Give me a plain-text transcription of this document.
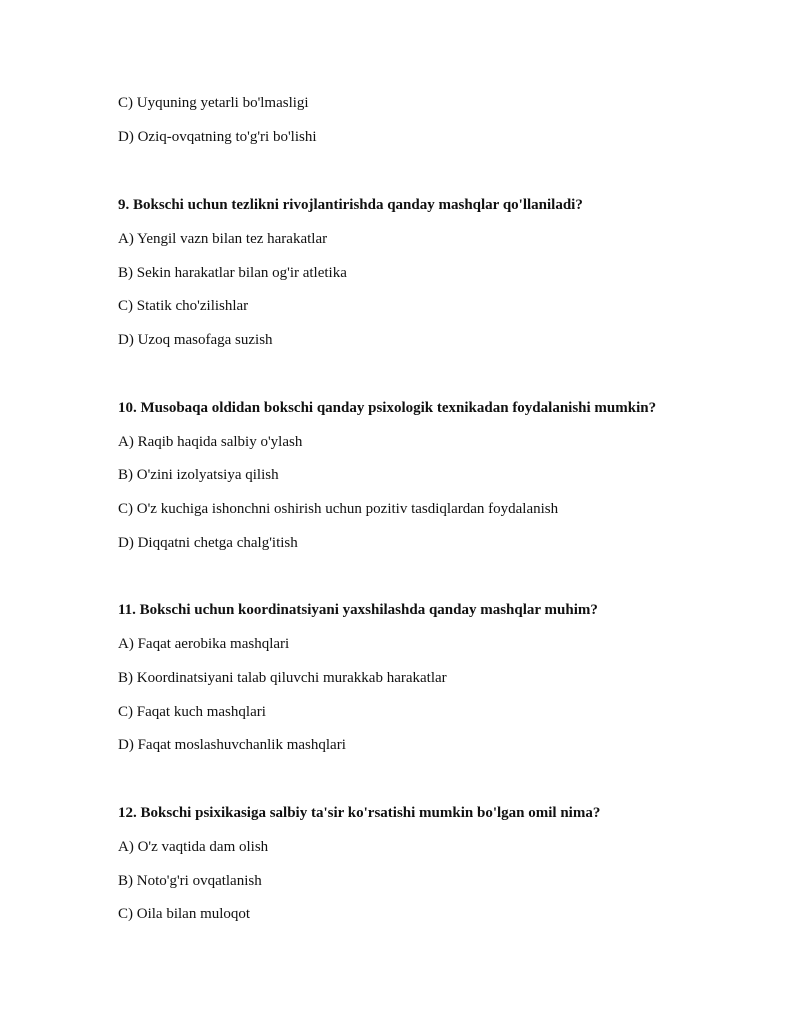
C) Uyquning yetarli bo'lmasligi
D) Oziq-ovqatning to'g'ri bo'lishi
9. Bokschi uchun tezlikni rivojlantirishda qanday mashqlar qo'llaniladi?
A) Yengil vazn bilan tez harakatlar
B) Sekin harakatlar bilan og'ir atletika
C) Statik cho'zilishlar
D) Uzoq masofaga suzish
10. Musobaqa oldidan bokschi qanday psixologik texnikadan foydalanishi mumkin?
A) Raqib haqida salbiy o'ylash
B) O'zini izolyatsiya qilish
C) O'z kuchiga ishonchni oshirish uchun pozitiv tasdiqlardan foydalanish
D) Diqqatni chetga chalg'itish
11. Bokschi uchun koordinatsiyani yaxshilashda qanday mashqlar muhim?
A) Faqat aerobika mashqlari
B) Koordinatsiyani talab qiluvchi murakkab harakatlar
C) Faqat kuch mashqlari
D) Faqat moslashuvchanlik mashqlari
12. Bokschi psixikasiga salbiy ta'sir ko'rsatishi mumkin bo'lgan omil nima?
A) O'z vaqtida dam olish
B) Noto'g'ri ovqatlanish
C) Oila bilan muloqot
